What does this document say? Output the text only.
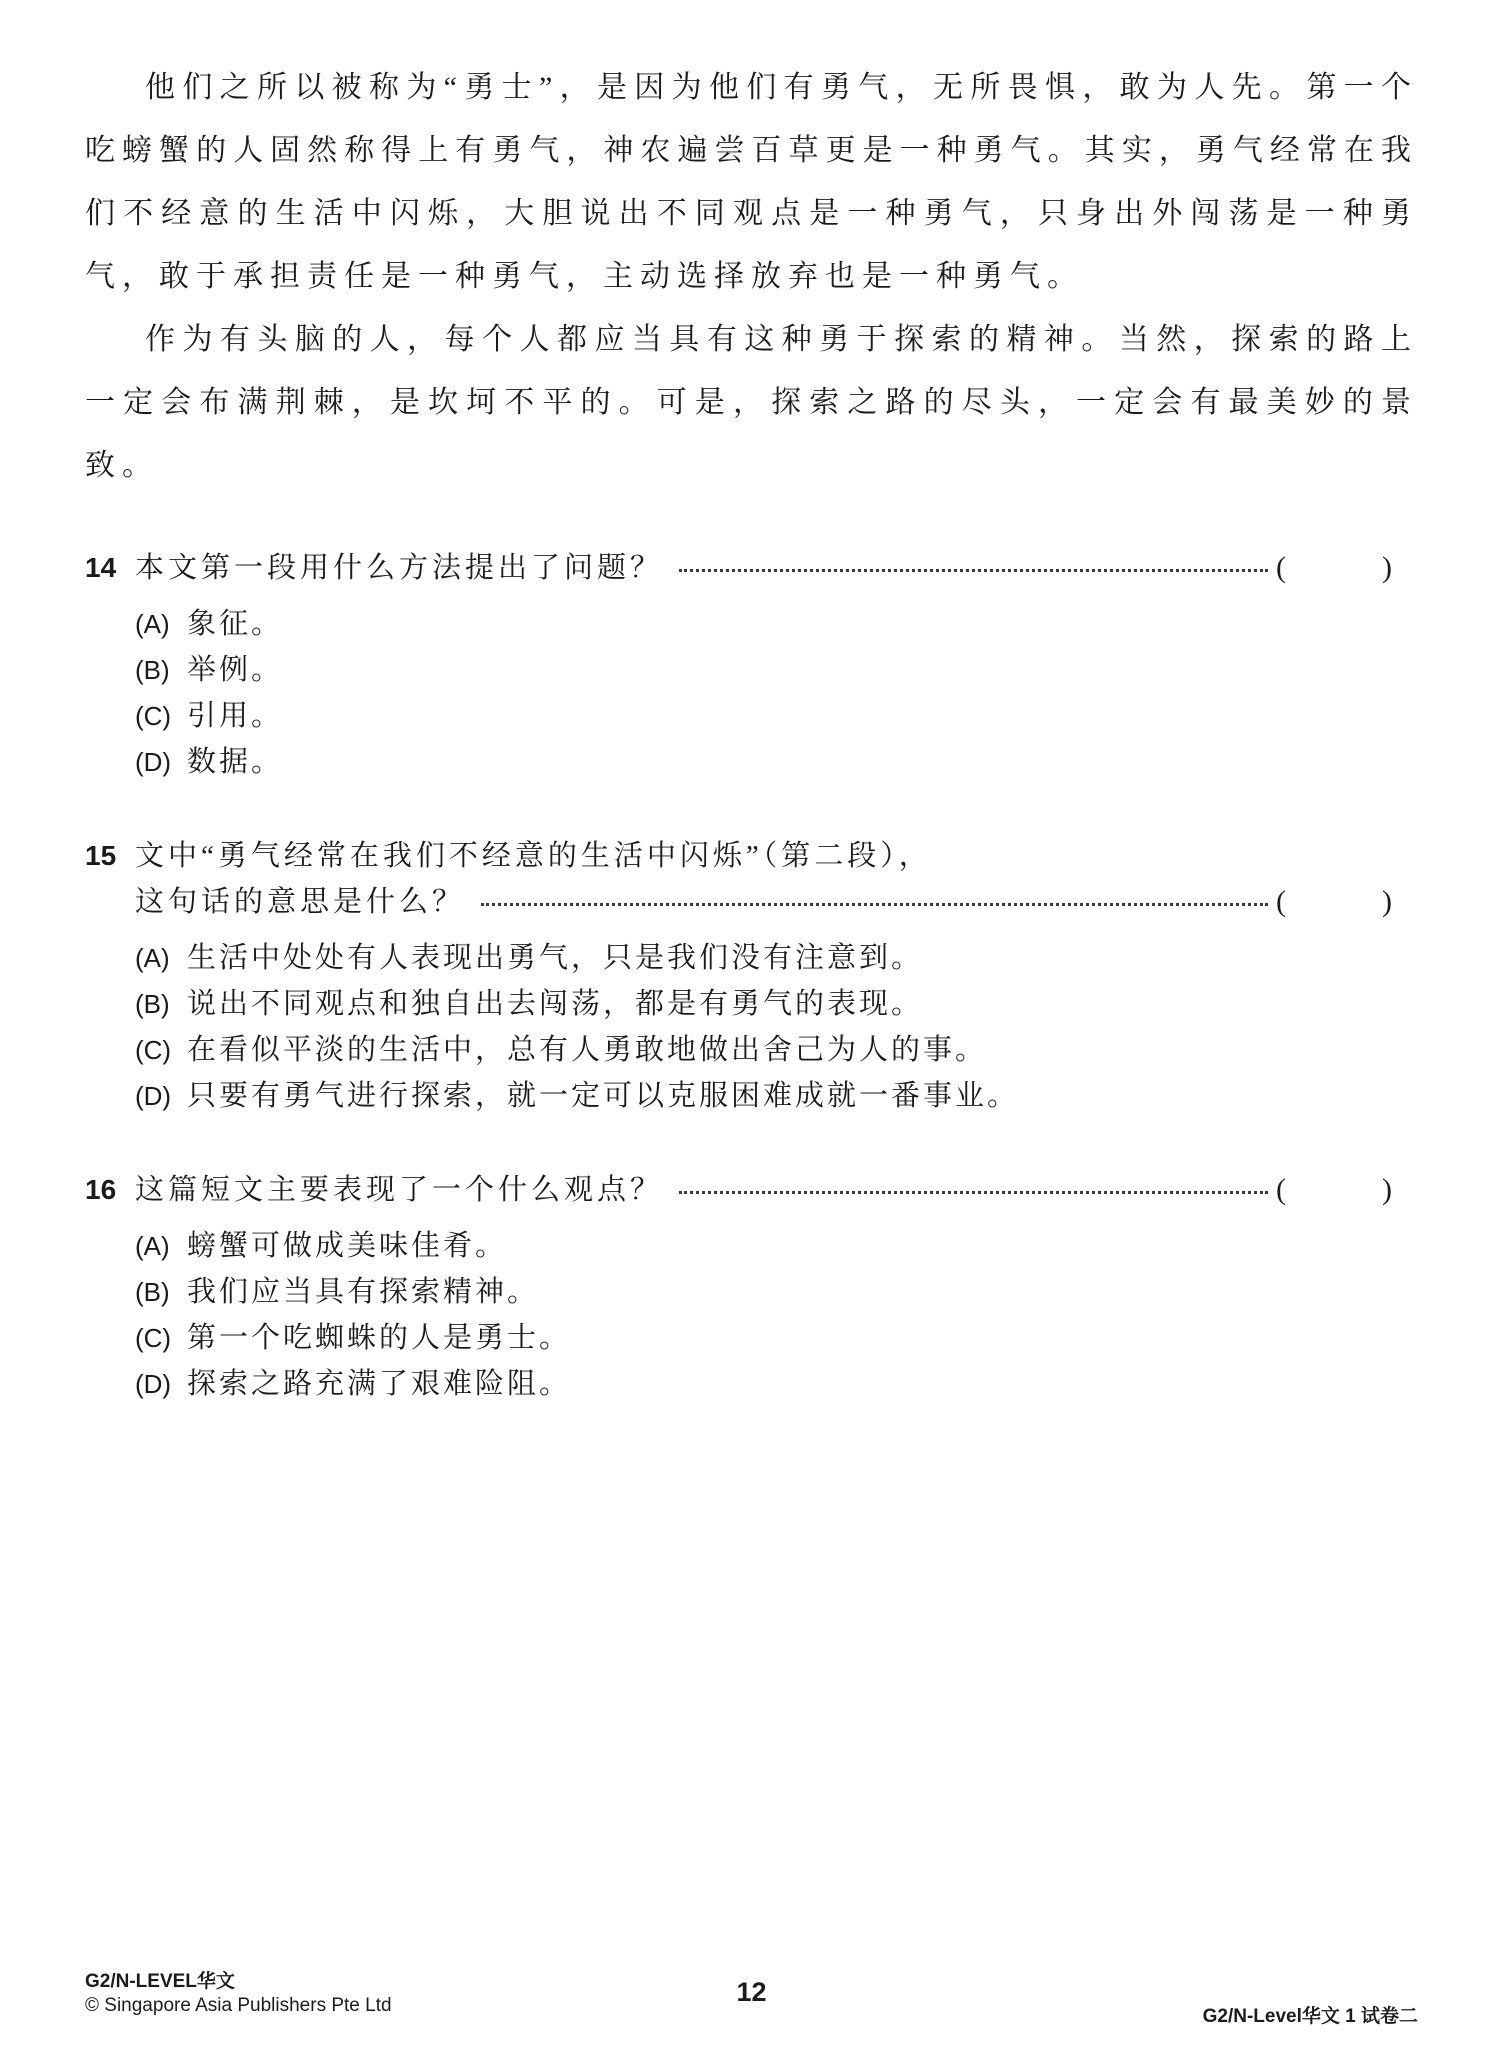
他们之所以被称为“勇士”，是因为他们有勇气，无所畏惧，敢为人先。第一个吃螃蟹的人固然称得上有勇气，神农遍尝百草更是一种勇气。其实，勇气经常在我们不经意的生活中闪烁，大胆说出不同观点是一种勇气，只身出外闯荡是一种勇气，敢于承担责任是一种勇气，主动选择放弃也是一种勇气。

作为有头脑的人，每个人都应当具有这种勇于探索的精神。当然，探索的路上一定会布满荆棘，是坎坷不平的。可是，探索之路的尽头，一定会有最美妙的景致。

14 本文第一段用什么方法提出了问题？	(	)
(A) 象征。
(B) 举例。
(C) 引用。
(D) 数据。
15 文中“勇气经常在我们不经意的生活中闪烁”（第二段），
这句话的意思是什么？	(	)
(A) 生活中处处有人表现出勇气，只是我们没有注意到。
(B) 说出不同观点和独自出去闯荡，都是有勇气的表现。
(C) 在看似平淡的生活中，总有人勇敢地做出舍己为人的事。
(D) 只要有勇气进行探索，就一定可以克服困难成就一番事业。
16 这篇短文主要表现了一个什么观点？	(	)
(A) 螃蟹可做成美味佳肴。
(B) 我们应当具有探索精神。
(C) 第一个吃蜘蛛的人是勇士。
(D) 探索之路充满了艰难险阻。
G2/N-LEVEL华文
© Singapore Asia Publishers Pte Ltd	12
G2/N-Level华文 1 试卷二
